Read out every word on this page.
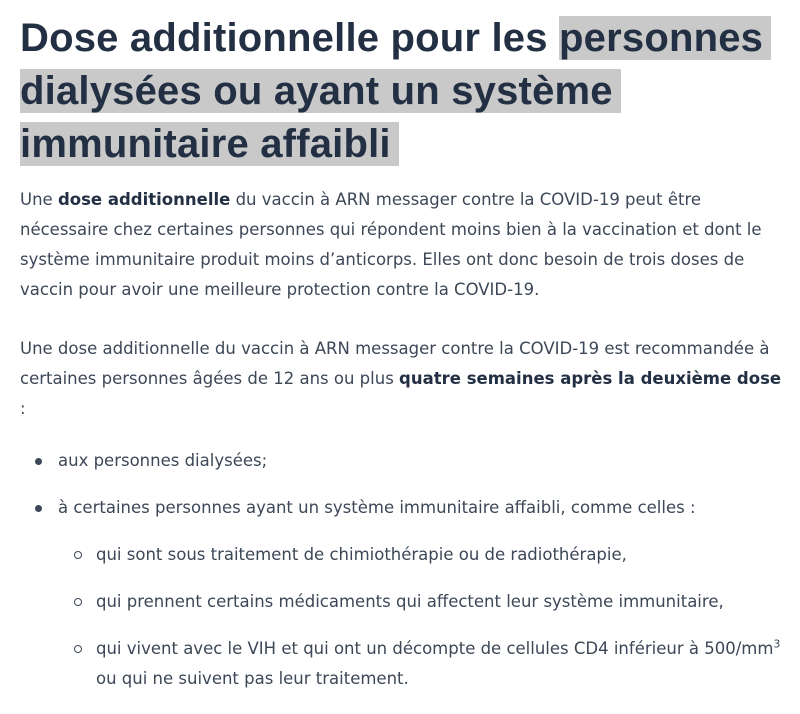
Dose additionnelle pour les personnes dialysées ou ayant un système immunitaire affaibli

Une dose additionnelle du vaccin à ARN messager contre la COVID-19 peut être nécessaire chez certaines personnes qui répondent moins bien à la vaccination et dont le système immunitaire produit moins d’anticorps. Elles ont donc besoin de trois doses de vaccin pour avoir une meilleure protection contre la COVID-19.

Une dose additionnelle du vaccin à ARN messager contre la COVID-19 est recommandée à certaines personnes âgées de 12 ans ou plus quatre semaines après la deuxième dose :

aux personnes dialysées;
à certaines personnes ayant un système immunitaire affaibli, comme celles :
qui sont sous traitement de chimiothérapie ou de radiothérapie,
qui prennent certains médicaments qui affectent leur système immunitaire,
qui vivent avec le VIH et qui ont un décompte de cellules CD4 inférieur à $500/mm^3$ ou qui ne suivent pas leur traitement.
